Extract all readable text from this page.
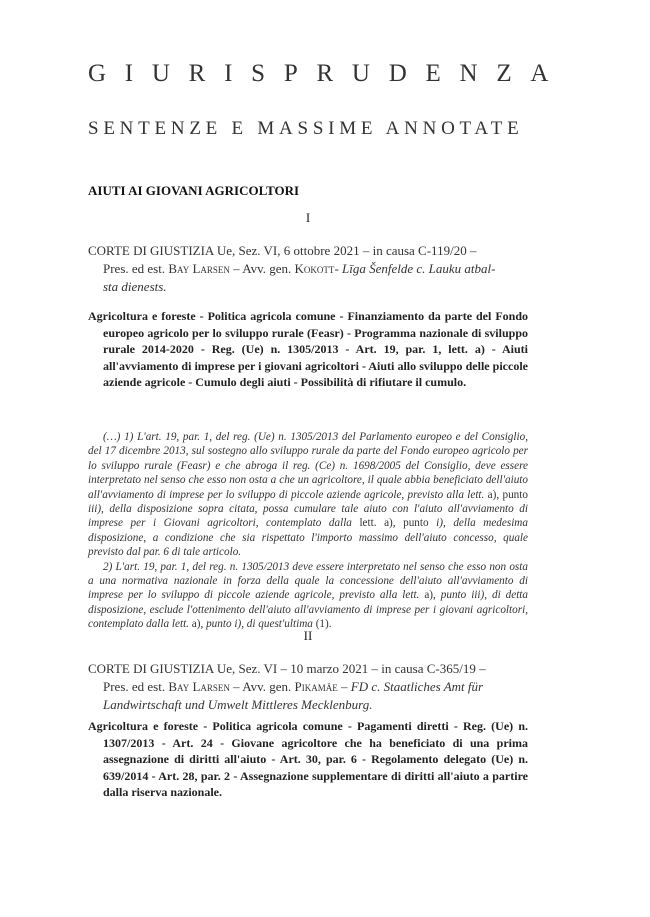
GIURISPRUDENZA
SENTENZE E MASSIME ANNOTATE
AIUTI AI GIOVANI AGRICOLTORI
I
CORTE DI GIUSTIZIA Ue, Sez. VI, 6 ottobre 2021 – in causa C-119/20 –
Pres. ed est. Bay Larsen – Avv. gen. Kokott- Līga Šenfelde c. Lauku atbal-
sta dienests.
Agricoltura e foreste - Politica agricola comune - Finanziamento da parte del Fondo europeo agricolo per lo sviluppo rurale (Feasr) - Programma nazionale di sviluppo rurale 2014-2020 - Reg. (Ue) n. 1305/2013 - Art. 19, par. 1, lett. a) - Aiuti all'avviamento di imprese per i giovani agricoltori - Aiuti allo sviluppo delle piccole aziende agricole - Cumulo degli aiuti - Possibilità di rifiutare il cumulo.

(…) 1) L'art. 19, par. 1, del reg. (Ue) n. 1305/2013 del Parlamento europeo e del Consiglio, del 17 dicembre 2013, sul sostegno allo sviluppo rurale da parte del Fondo europeo agricolo per lo sviluppo rurale (Feasr) e che abroga il reg. (Ce) n. 1698/2005 del Consiglio, deve essere interpretato nel senso che esso non osta a che un agricoltore, il quale abbia beneficiato dell'aiuto all'avviamento di imprese per lo sviluppo di piccole aziende agricole, previsto alla lett. a), punto iii), della disposizione sopra citata, possa cumulare tale aiuto con l'aiuto all'avviamento di imprese per i Giovani agricoltori, contemplato dalla lett. a), punto i), della medesima disposizione, a condizione che sia rispettato l'importo massimo dell'aiuto concesso, quale previsto dal par. 6 di tale articolo.

2) L'art. 19, par. 1, del reg. n. 1305/2013 deve essere interpretato nel senso che esso non osta a una normativa nazionale in forza della quale la concessione dell'aiuto all'avviamento di imprese per lo sviluppo di piccole aziende agricole, previsto alla lett. a), punto iii), di detta disposizione, esclude l'ottenimento dell'aiuto all'avviamento di imprese per i giovani agricoltori, contemplato dalla lett. a), punto i), di quest'ultima (1).

II
CORTE DI GIUSTIZIA Ue, Sez. VI – 10 marzo 2021 – in causa C-365/19 –
Pres. ed est. Bay Larsen – Avv. gen. Pikamäe – FD c. Staatliches Amt für
Landwirtschaft und Umwelt Mittleres Mecklenburg.
Agricoltura e foreste - Politica agricola comune - Pagamenti diretti - Reg. (Ue) n. 1307/2013 - Art. 24 - Giovane agricoltore che ha beneficiato di una prima assegnazione di diritti all'aiuto - Art. 30, par. 6 - Regolamento delegato (Ue) n. 639/2014 - Art. 28, par. 2 - Assegnazione supplementare di diritti all'aiuto a partire dalla riserva nazionale.
